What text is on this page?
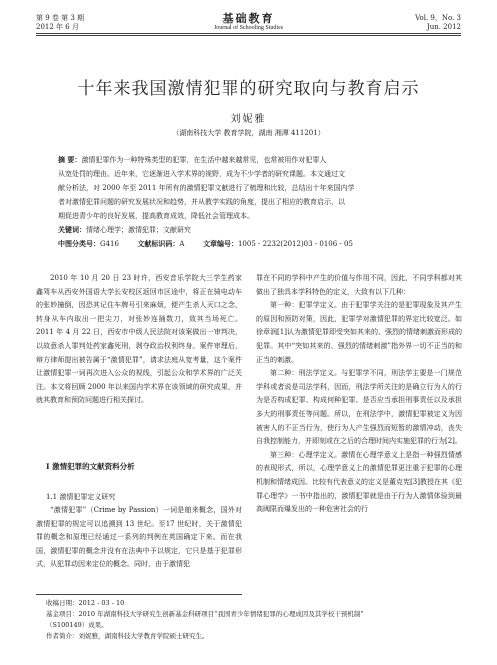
第 9 卷 第 3 期
2012 年 6 月
基础教育
Journal of Schooling Studies
Vol. 9，No. 3
Jun. 2012
十年来我国激情犯罪的研究取向与教育启示
刘妮雅
（湖南科技大学 教育学院，湖南 湘潭 411201）
摘 要：激情犯罪作为一种特殊类型的犯罪，在生活中越来越常见，也常被用作对犯罪人
从宽处罚的理由。近年来，它逐渐进入学术界的视野，成为不少学者的研究课题。本文通过文
献分析法，对 2000 年至 2011 年所有的激情犯罪文献进行了梳理和比较，总结出十年来国内学
者对激情犯罪问题的研究发展状况和趋势，并从教学实践的角度，提出了相应的教育启示，以
期促进青少年的良好发展，提高教育成效，降低社会管理成本。
关键词：情绪心理学；激情犯罪；文献研究
中图分类号：G416	文献标识码：A	文章编号：1005 - 2232(2012)03 - 0106 - 05
2010 年 10 月 20 日 23 时许，西安音乐学院大三学生药家鑫驾车从西安外国语大学长安校区返回市区途中，将正在骑电动车的张妙撞倒，因恐其记住车牌号引来麻烦，便产生杀人灭口之念，转身从车内取出一把尖刀，对张妙连捅数刀，致其当场死亡。2011 年 4 月 22 日，西安市中级人民法院对该案做出一审判决，以故意杀人罪判处药家鑫死刑，剥夺政治权利终身。案件审理后，辩方律师提出被告属于“激情犯罪”，请求法庭从宽考量，这个案件让激情犯罪一词再次进入公众的视线，引起公众和学术界的广泛关注。本文将回顾 2000 年以来国内学术界在该领域的研究成果，并就其教育和预防问题进行相关探讨。
Ⅰ 激情犯罪的文献资料分析
1.1 激情犯罪定义研究
“激情犯罪”（Crime by Passion）一词是舶来概念，国外对激情犯罪的规定可以追溯到 13 世纪。至17 世纪时，关于激情犯罪的概念和原理已经通过一系列的判例在英国确定下来。而在我国，激情犯罪的概念并没有在法典中予以规定，它只是基于犯罪形式，从犯罪动因来定位的概念。同时，由于激情犯
罪在不同的学科中产生的价值与作用不同，因此，不同学科都对其做出了独具本学科特色的定义，大致有以下几种：
第一种：犯罪学定义。由于犯罪学关注的是犯罪现象及其产生的原因和预防对策，因此，犯罪学对激情犯罪的界定比较宽泛。如徐章润[1]认为激情犯罪即受突如其来的、强烈的情绪刺激而形成的犯罪。其中“突如其来的、强烈的情绪刺激”指外界一切不正当的和正当的刺激。
第二种：刑法学定义。与犯罪学不同，刑法学主要是一门规范学科或者说是司法学科，因而，刑法学所关注的是确立行为人的行为是否构成犯罪、构成何种犯罪、是否应当承担刑事责任以及承担多大的刑事责任等问题。所以，在刑法学中，激情犯罪被定义为因被害人的不正当行为，使行为人产生强烈而短暂的激情冲动，丧失自我控制能力，并即刻或在之后的合理时间内实施犯罪的行为[2]。
第三种：心理学定义。激情在心理学意义上是指一种强烈情感的表现形式，所以，心理学意义上的激情犯罪更注重于犯罪的心理机制和情绪成因。比较有代表意义的定义是董克宪[3]教授在其《犯罪心理学》一书中指出的，激情犯罪就是由于行为人激情体验到最高阈限而爆发出的一种危害社会的行
收稿日期：2012 - 03 - 10
基金项目：2010 年湖南科技大学研究生创新基金科研项目“我国青少年情绪犯罪的心理成因及其学校干预机制”
（S100149）成果。
作者简介：刘妮雅，湖南科技大学教育学院硕士研究生。
